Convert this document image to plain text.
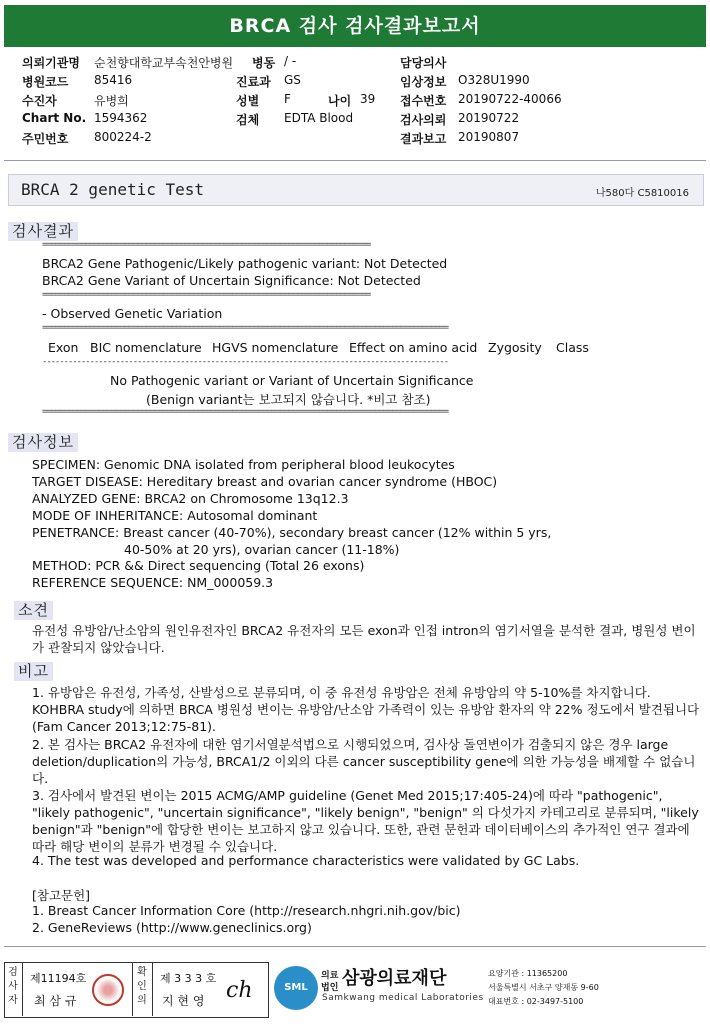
BRCA 검사 검사결과보고서
의뢰기관명 순천향대학교부속천안병원 병동 / -	담당의사
병원코드 85416	진료과 GS	임상정보 O328U1990
수진자	유병희	성별 F	나이 39 접수번호 20190722-40066
Chart No. 1594362	검체 EDTA Blood	검사의뢰 20190722
주민번호 800224-2	결과보고 20190807
BRCA 2 genetic Test	나580다 C5810016
검사결과
============================================================================
BRCA2 Gene Pathogenic/Likely pathogenic variant: Not Detected
BRCA2 Gene Variant of Uncertain Significance: Not Detected
============================================================================
- Observed Genetic Variation
==============================================================================================
Exon BIC nomenclature HGVS nomenclature Effect on amino acid Zygosity Class
----------------------------------------------------------------------------------------------
No Pathogenic variant or Variant of Uncertain Significance
(Benign variant는 보고되지 않습니다. *비고 참조)
==============================================================================================
검사정보
SPECIMEN: Genomic DNA isolated from peripheral blood leukocytes
TARGET DISEASE: Hereditary breast and ovarian cancer syndrome (HBOC)
ANALYZED GENE: BRCA2 on Chromosome 13q12.3
MODE OF INHERITANCE: Autosomal dominant
PENETRANCE: Breast cancer (40-70%), secondary breast cancer (12% within 5 yrs,
40-50% at 20 yrs), ovarian cancer (11-18%)
METHOD: PCR && Direct sequencing (Total 26 exons)
REFERENCE SEQUENCE: NM_000059.3
소견
유전성 유방암/난소암의 원인유전자인 BRCA2 유전자의 모든 exon과 인접 intron의 염기서열을 분석한 결과, 병원성 변이가 관찰되지 않았습니다.
비고
1. 유방암은 유전성, 가족성, 산발성으로 분류되며, 이 중 유전성 유방암은 전체 유방암의 약 5-10%를 차지합니다. KOHBRA study에 의하면 BRCA 병원성 변이는 유방암/난소암 가족력이 있는 유방암 환자의 약 22% 정도에서 발견됩니다 (Fam Cancer 2013;12:75-81).
2. 본 검사는 BRCA2 유전자에 대한 염기서열분석법으로 시행되었으며, 검사상 돌연변이가 검출되지 않은 경우 large deletion/duplication의 가능성, BRCA1/2 이외의 다른 cancer susceptibility gene에 의한 가능성을 배제할 수 없습니다.
3. 검사에서 발견된 변이는 2015 ACMG/AMP guideline (Genet Med 2015;17:405-24)에 따라 "pathogenic", "likely pathogenic", "uncertain significance", "likely benign", "benign" 의 다섯가지 카테고리로 분류되며, "likely benign"과 "benign"에 합당한 변이는 보고하지 않고 있습니다. 또한, 관련 문헌과 데이터베이스의 추가적인 연구 결과에 따라 해당 변이의 분류가 변경될 수 있습니다.
4. The test was developed and performance characteristics were validated by GC Labs.
[참고문헌]
1. Breast Cancer Information Core (http://research.nhgri.nih.gov/bic)
2. GeneReviews (http://www.geneclinics.org)
검사자
제11194호
최 삼 규
확인의
제 3 3 3 호
지 현 영 ch	SML
의료
법인 삼광의료재단
Samkwang medical Laboratories
요양기관 : 11365200
서울특별시 서초구 양재동 9-60
대표번호 : 02-3497-5100
